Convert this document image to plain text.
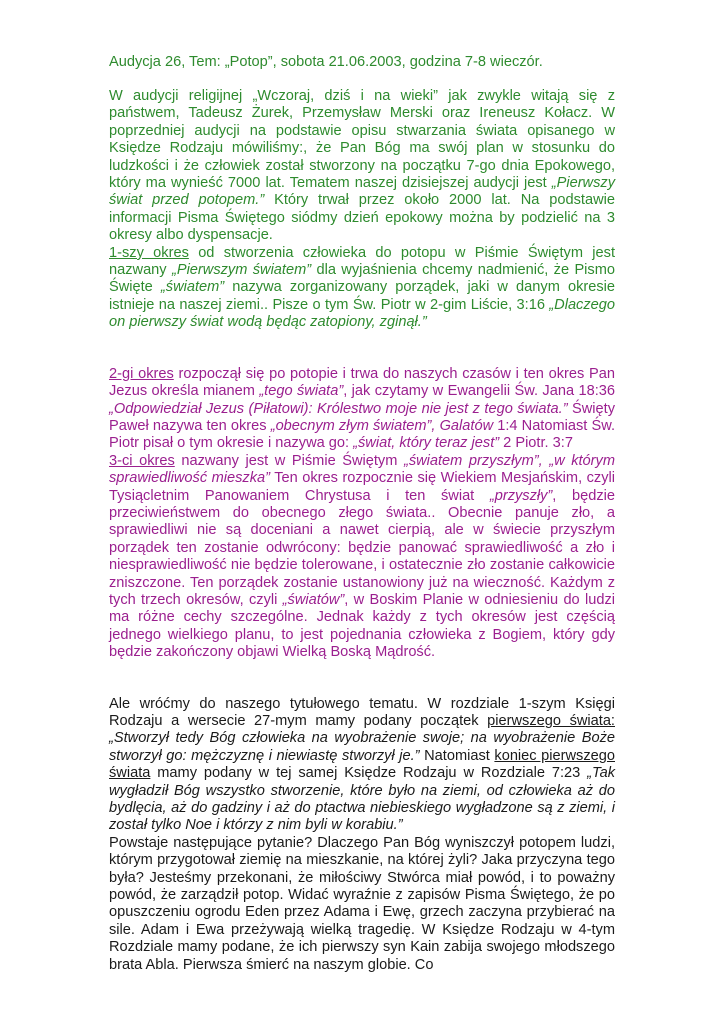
Audycja 26, Tem: „Potop”, sobota 21.06.2003, godzina 7-8 wieczór.

W audycji religijnej „Wczoraj, dziś i na wieki” jak zwykle witają się z państwem, Tadeusz Żurek, Przemysław Merski oraz Ireneusz Kołacz. W poprzedniej audycji na podstawie opisu stwarzania świata opisanego w Księdze Rodzaju mówiliśmy:, że Pan Bóg ma swój plan w stosunku do ludzkości i że człowiek został stworzony na początku 7-go dnia Epokowego, który ma wynieść 7000 lat. Tematem naszej dzisiejszej audycji jest „Pierwszy świat przed potopem.” Który trwał przez około 2000 lat. Na podstawie informacji Pisma Świętego siódmy dzień epokowy można by podzielić na 3 okresy albo dyspensacje.

1-szy okres od stworzenia człowieka do potopu w Piśmie Świętym jest nazwany „Pierwszym światem” dla wyjaśnienia chcemy nadmienić, że Pismo Święte „światem” nazywa zorganizowany porządek, jaki w danym okresie istnieje na naszej ziemi.. Pisze o tym Św. Piotr w 2-gim Liście, 3:16 „Dlaczego on pierwszy świat wodą będąc zatopiony, zginął.”

2-gi okres rozpoczął się po potopie i trwa do naszych czasów i ten okres Pan Jezus określa mianem „tego świata”, jak czytamy w Ewangelii Św. Jana 18:36 „Odpowiedział Jezus (Piłatowi): Królestwo moje nie jest z tego świata.” Święty Paweł nazywa ten okres „obecnym złym światem”, Galatów 1:4 Natomiast Św. Piotr pisał o tym okresie i nazywa go: „świat, który teraz jest” 2 Piotr. 3:7

3-ci okres nazwany jest w Piśmie Świętym „światem przyszłym”, „w którym sprawiedliwość mieszka” Ten okres rozpocznie się Wiekiem Mesjańskim, czyli Tysiącletnim Panowaniem Chrystusa i ten świat „przyszły”, będzie przeciwieństwem do obecnego złego świata.. Obecnie panuje zło, a sprawiedliwi nie są doceniani a nawet cierpią, ale w świecie przyszłym porządek ten zostanie odwrócony: będzie panować sprawiedliwość a zło i niesprawiedliwość nie będzie tolerowane, i ostatecznie zło zostanie całkowicie zniszczone. Ten porządek zostanie ustanowiony już na wieczność. Każdym z tych trzech okresów, czyli „światów”, w Boskim Planie w odniesieniu do ludzi ma różne cechy szczególne. Jednak każdy z tych okresów jest częścią jednego wielkiego planu, to jest pojednania człowieka z Bogiem, który gdy będzie zakończony objawi Wielką Boską Mądrość.

Ale wróćmy do naszego tytułowego tematu. W rozdziale 1-szym Księgi Rodzaju a wersecie 27-mym mamy podany początek pierwszego świata: „Stworzył tedy Bóg człowieka na wyobrażenie swoje; na wyobrażenie Boże stworzył go: mężczyznę i niewiastę stworzył je.” Natomiast koniec pierwszego świata mamy podany w tej samej Księdze Rodzaju w Rozdziale 7:23 „Tak wygładził Bóg wszystko stworzenie, które było na ziemi, od człowieka aż do bydlęcia, aż do gadziny i aż do ptactwa niebieskiego wygładzone są z ziemi, i został tylko Noe i którzy z nim byli w korabiu.”

Powstaje następujące pytanie? Dlaczego Pan Bóg wyniszczył potopem ludzi, którym przygotował ziemię na mieszkanie, na której żyli? Jaka przyczyna tego była? Jesteśmy przekonani, że miłościwy Stwórca miał powód, i to poważny powód, że zarządził potop. Widać wyraźnie z zapisów Pisma Świętego, że po opuszczeniu ogrodu Eden przez Adama i Ewę, grzech zaczyna przybierać na sile. Adam i Ewa przeżywają wielką tragedię. W Księdze Rodzaju w 4-tym Rozdziale mamy podane, że ich pierwszy syn Kain zabija swojego młodszego brata Abla. Pierwsza śmierć na naszym globie. Co
